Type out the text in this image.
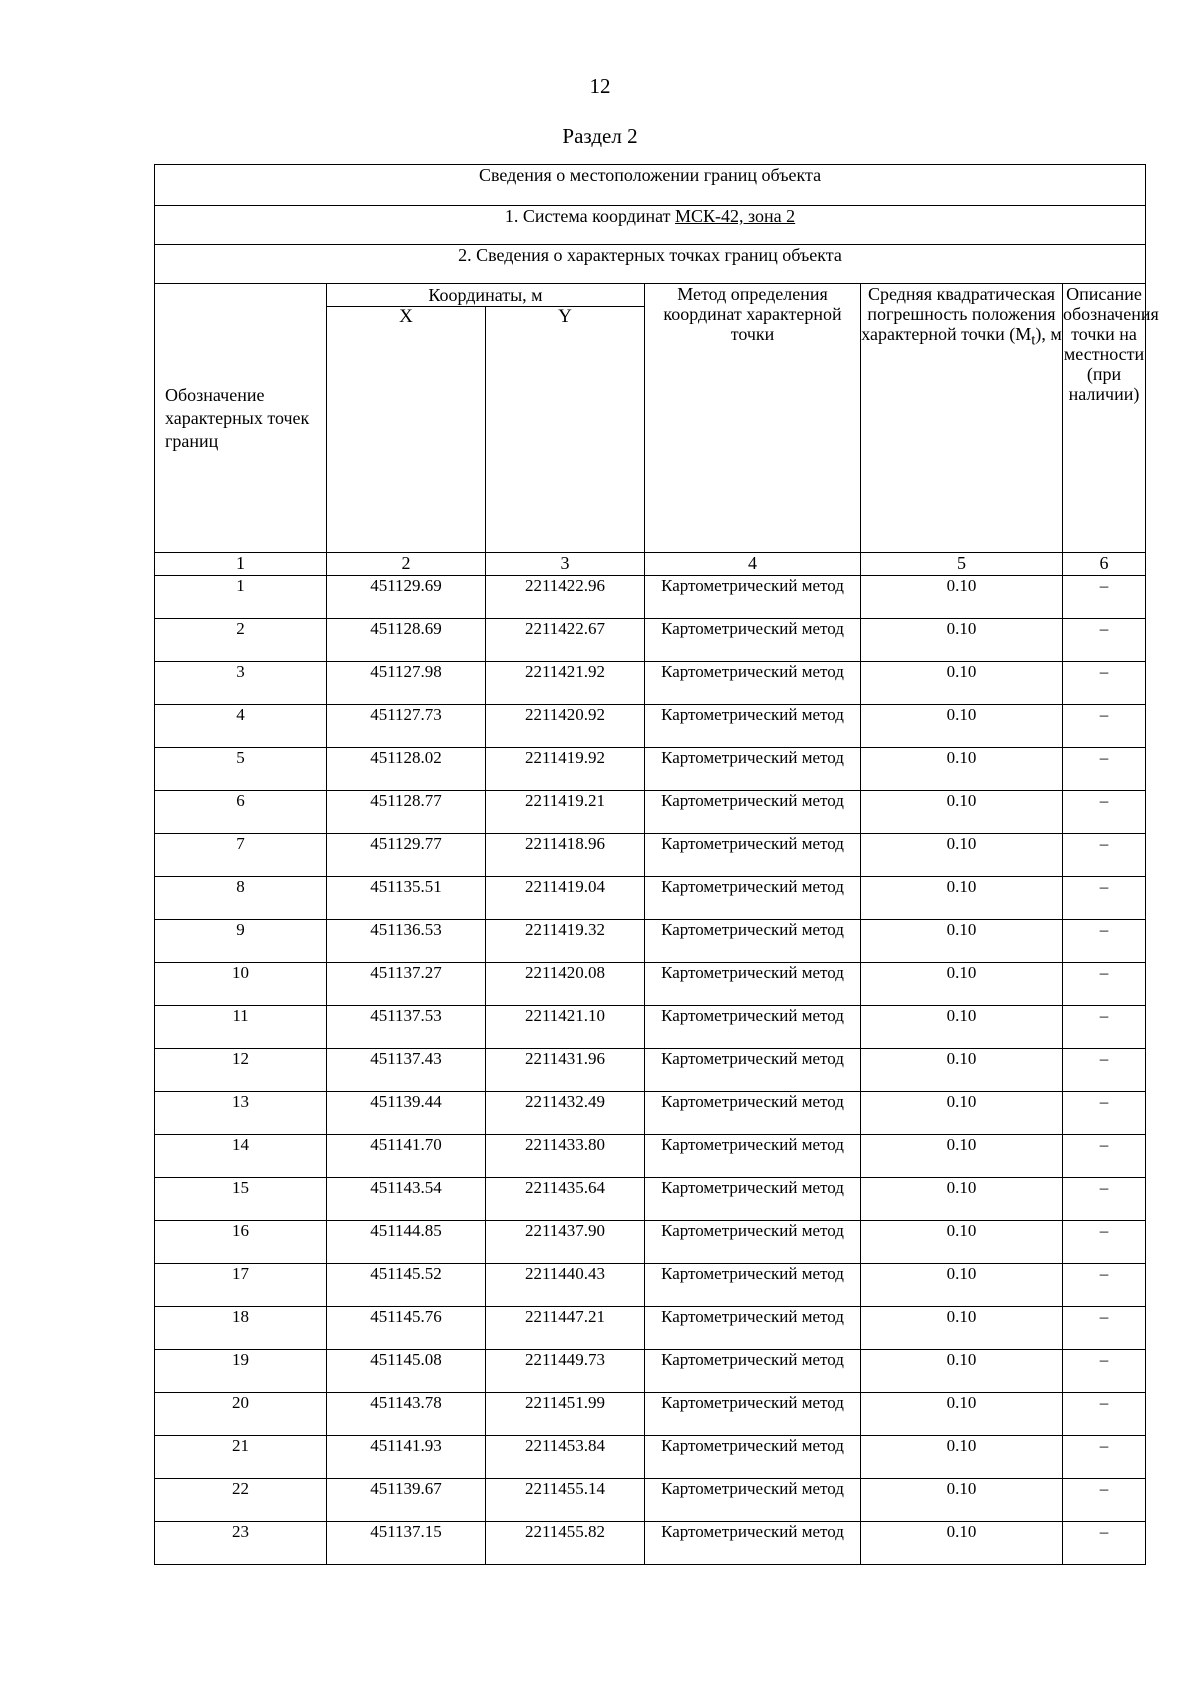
12
Раздел 2
Сведения о местоположении границ объекта					
1. Система координат МСК-42, зона 2					
2. Сведения о характерных точках границ объекта					
Обозначение характерных точек границ	Координаты, м		Метод определения координат характерной точки	Средняя квадратическая погрешность положения характерной точки $(M_t)$, м	Описание обозначения точки на местности (при наличии)
	X	Y			
1	2	3	4	5	6
1	451129.69	2211422.96	Картометрический метод	0.10	–
2	451128.69	2211422.67	Картометрический метод	0.10	–
3	451127.98	2211421.92	Картометрический метод	0.10	–
4	451127.73	2211420.92	Картометрический метод	0.10	–
5	451128.02	2211419.92	Картометрический метод	0.10	–
6	451128.77	2211419.21	Картометрический метод	0.10	–
7	451129.77	2211418.96	Картометрический метод	0.10	–
8	451135.51	2211419.04	Картометрический метод	0.10	–
9	451136.53	2211419.32	Картометрический метод	0.10	–
10	451137.27	2211420.08	Картометрический метод	0.10	–
11	451137.53	2211421.10	Картометрический метод	0.10	–
12	451137.43	2211431.96	Картометрический метод	0.10	–
13	451139.44	2211432.49	Картометрический метод	0.10	–
14	451141.70	2211433.80	Картометрический метод	0.10	–
15	451143.54	2211435.64	Картометрический метод	0.10	–
16	451144.85	2211437.90	Картометрический метод	0.10	–
17	451145.52	2211440.43	Картометрический метод	0.10	–
18	451145.76	2211447.21	Картометрический метод	0.10	–
19	451145.08	2211449.73	Картометрический метод	0.10	–
20	451143.78	2211451.99	Картометрический метод	0.10	–
21	451141.93	2211453.84	Картометрический метод	0.10	–
22	451139.67	2211455.14	Картометрический метод	0.10	–
23	451137.15	2211455.82	Картометрический метод	0.10	–
